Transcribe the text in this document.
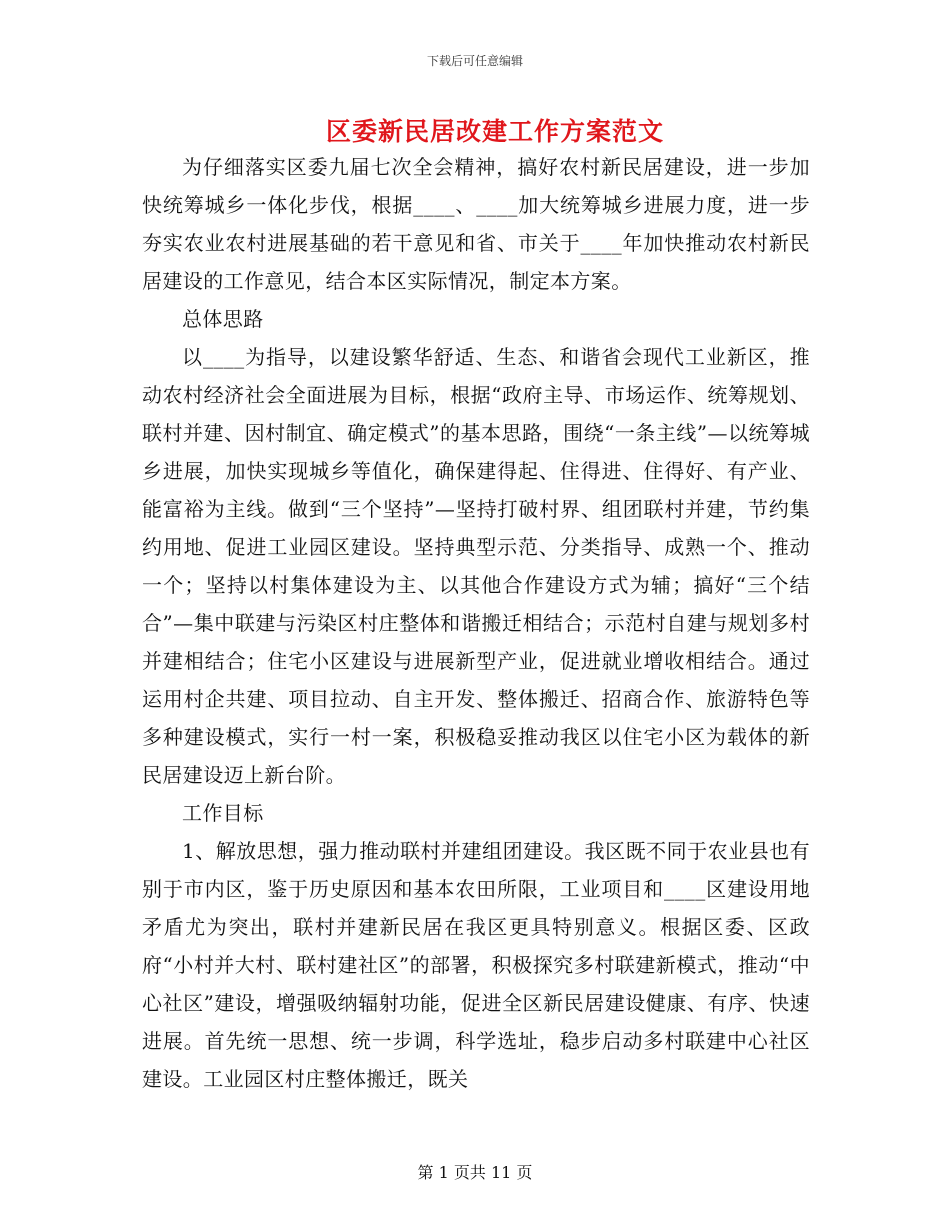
下载后可任意编辑
区委新民居改建工作方案范文

为仔细落实区委九届七次全会精神，搞好农村新民居建设，进一步加快统筹城乡一体化步伐，根据____、____加大统筹城乡进展力度，进一步夯实农业农村进展基础的若干意见和省、市关于____年加快推动农村新民居建设的工作意见，结合本区实际情况，制定本方案。

总体思路

以____为指导，以建设繁华舒适、生态、和谐省会现代工业新区，推动农村经济社会全面进展为目标，根据“政府主导、市场运作、统筹规划、联村并建、因村制宜、确定模式”的基本思路，围绕“一条主线”—以统筹城乡进展，加快实现城乡等值化，确保建得起、住得进、住得好、有产业、能富裕为主线。做到“三个坚持”—坚持打破村界、组团联村并建，节约集约用地、促进工业园区建设。坚持典型示范、分类指导、成熟一个、推动一个；坚持以村集体建设为主、以其他合作建设方式为辅；搞好“三个结合”—集中联建与污染区村庄整体和谐搬迁相结合；示范村自建与规划多村并建相结合；住宅小区建设与进展新型产业，促进就业增收相结合。通过运用村企共建、项目拉动、自主开发、整体搬迁、招商合作、旅游特色等多种建设模式，实行一村一案，积极稳妥推动我区以住宅小区为载体的新民居建设迈上新台阶。

工作目标

1、解放思想，强力推动联村并建组团建设。我区既不同于农业县也有别于市内区，鉴于历史原因和基本农田所限，工业项目和____区建设用地矛盾尤为突出，联村并建新民居在我区更具特别意义。根据区委、区政府“小村并大村、联村建社区”的部署，积极探究多村联建新模式，推动“中心社区”建设，增强吸纳辐射功能，促进全区新民居建设健康、有序、快速进展。首先统一思想、统一步调，科学选址，稳步启动多村联建中心社区建设。工业园区村庄整体搬迁，既关

第 1 页共 11 页
